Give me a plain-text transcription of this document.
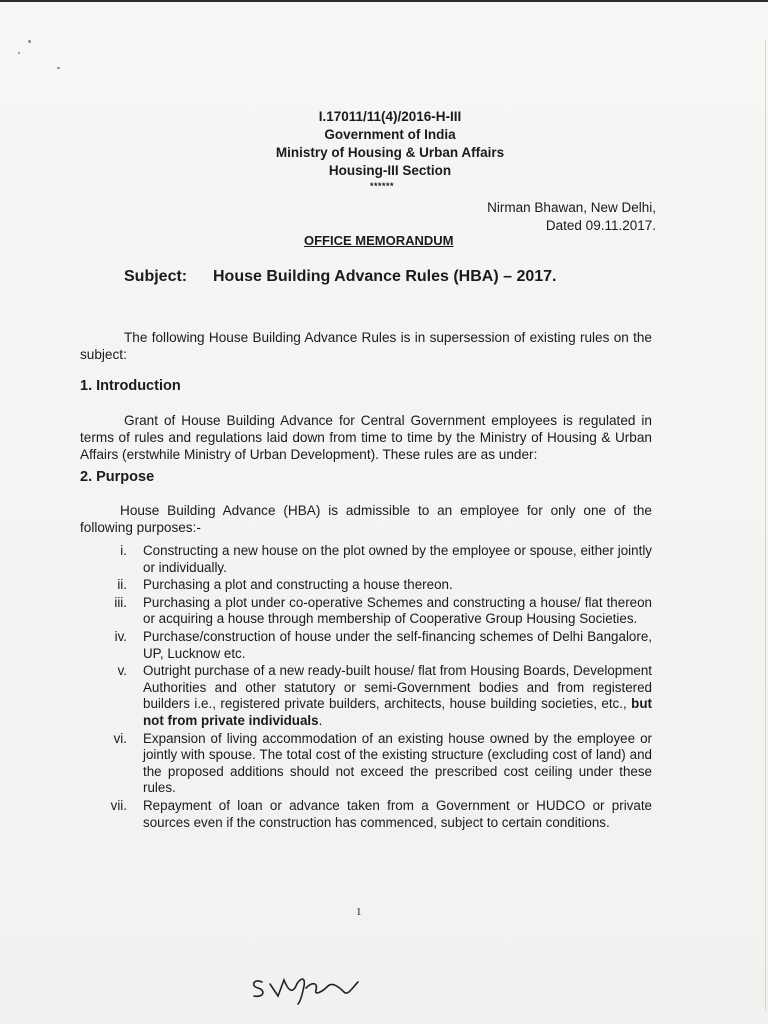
I.17011/11(4)/2016-H-III
Government of India
Ministry of Housing & Urban Affairs
Housing-III Section
******
Nirman Bhawan, New Delhi,
Dated 09.11.2017.
OFFICE MEMORANDUM
Subject: House Building Advance Rules (HBA) – 2017.
The following House Building Advance Rules is in supersession of existing rules on the subject:
1. Introduction
Grant of House Building Advance for Central Government employees is regulated in terms of rules and regulations laid down from time to time by the Ministry of Housing & Urban Affairs (erstwhile Ministry of Urban Development). These rules are as under:
2. Purpose
House Building Advance (HBA) is admissible to an employee for only one of the following purposes:-
i.	Constructing a new house on the plot owned by the employee or spouse, either jointly or individually.
ii.	Purchasing a plot and constructing a house thereon.
iii.	Purchasing a plot under co-operative Schemes and constructing a house/ flat thereon or acquiring a house through membership of Cooperative Group Housing Societies.
iv.	Purchase/construction of house under the self-financing schemes of Delhi Bangalore, UP, Lucknow etc.
v.	Outright purchase of a new ready-built house/ flat from Housing Boards, Development Authorities and other statutory or semi-Government bodies and from registered builders i.e., registered private builders, architects, house building societies, etc., but not from private individuals.
vi.	Expansion of living accommodation of an existing house owned by the employee or jointly with spouse. The total cost of the existing structure (excluding cost of land) and the proposed additions should not exceed the prescribed cost ceiling under these rules.
vii.	Repayment of loan or advance taken from a Government or HUDCO or private sources even if the construction has commenced, subject to certain conditions.
1
